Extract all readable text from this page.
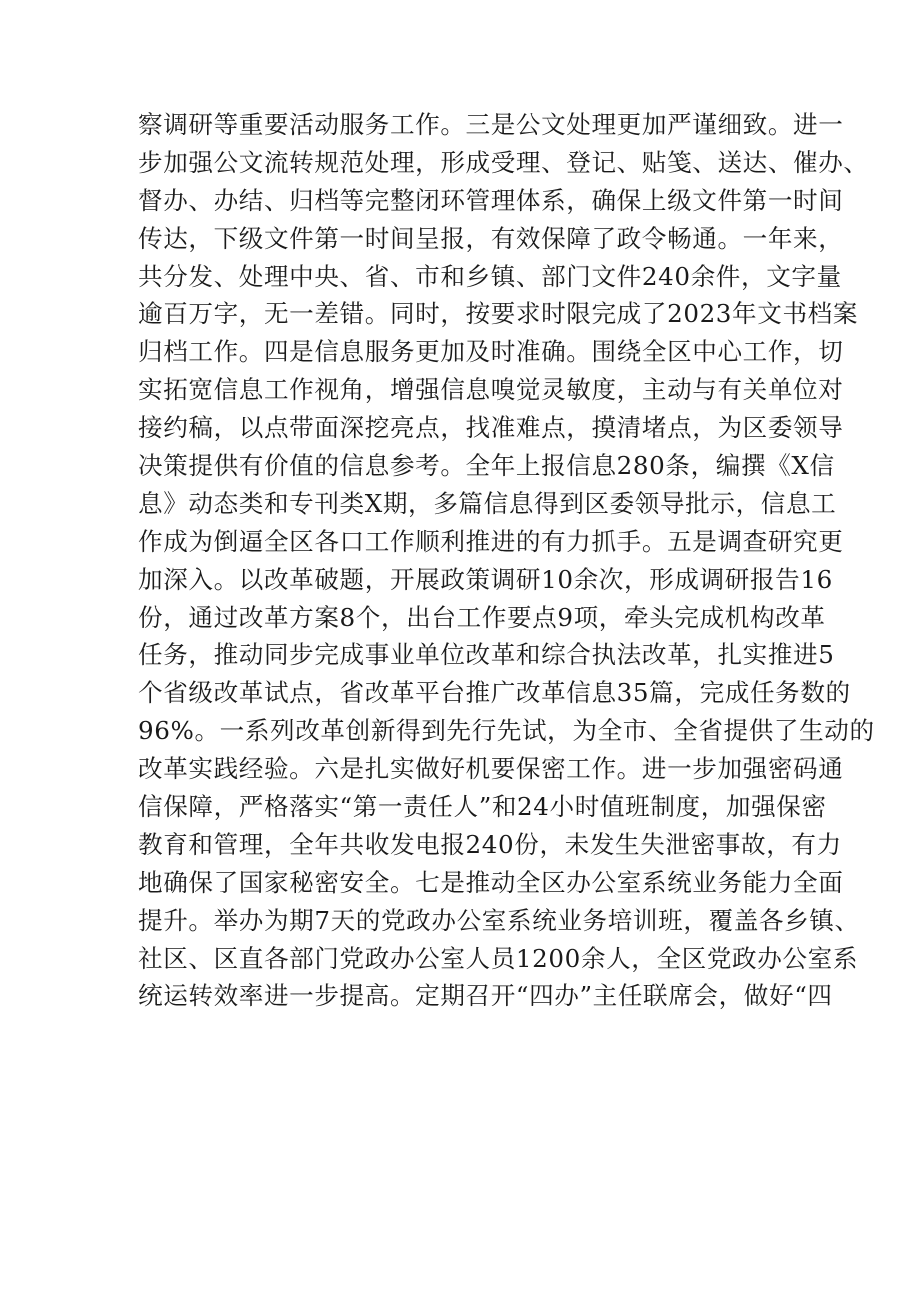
察调研等重要活动服务工作。三是公文处理更加严谨细致。进一
步加强公文流转规范处理，形成受理、登记、贴笺、送达、催办、
督办、办结、归档等完整闭环管理体系，确保上级文件第一时间
传达，下级文件第一时间呈报，有效保障了政令畅通。一年来，
共分发、处理中央、省、市和乡镇、部门文件240余件，文字量
逾百万字，无一差错。同时，按要求时限完成了2023年文书档案
归档工作。四是信息服务更加及时准确。围绕全区中心工作，切
实拓宽信息工作视角，增强信息嗅觉灵敏度，主动与有关单位对
接约稿，以点带面深挖亮点，找准难点，摸清堵点，为区委领导
决策提供有价值的信息参考。全年上报信息280条，编撰《X信
息》动态类和专刊类X期，多篇信息得到区委领导批示，信息工
作成为倒逼全区各口工作顺利推进的有力抓手。五是调查研究更
加深入。以改革破题，开展政策调研10余次，形成调研报告16
份，通过改革方案8个，出台工作要点9项，牵头完成机构改革
任务，推动同步完成事业单位改革和综合执法改革，扎实推进5
个省级改革试点，省改革平台推广改革信息35篇，完成任务数的
96%。一系列改革创新得到先行先试，为全市、全省提供了生动的
改革实践经验。六是扎实做好机要保密工作。进一步加强密码通
信保障，严格落实“第一责任人”和24小时值班制度，加强保密
教育和管理，全年共收发电报240份，未发生失泄密事故，有力
地确保了国家秘密安全。七是推动全区办公室系统业务能力全面
提升。举办为期7天的党政办公室系统业务培训班，覆盖各乡镇、
社区、区直各部门党政办公室人员1200余人，全区党政办公室系
统运转效率进一步提高。定期召开“四办”主任联席会，做好“四
